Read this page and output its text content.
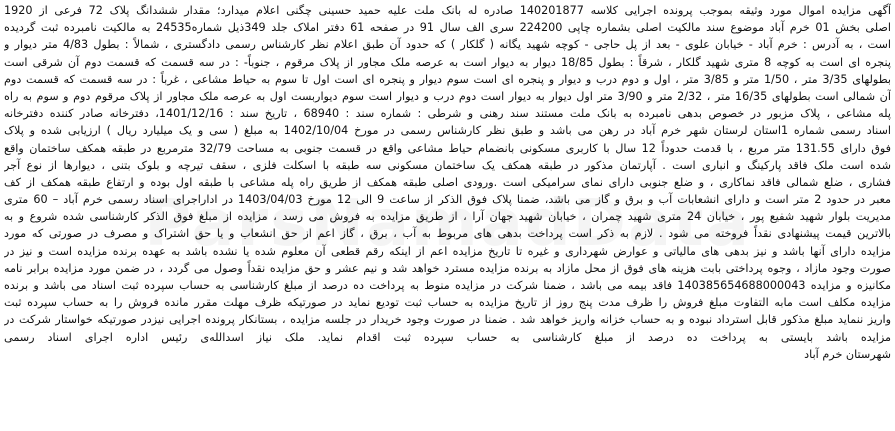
آگهی مزایده اموال مورد وثیقه بموجب پرونده اجرایی کلاسه 140201877 صادره له بانک ملت علیه حمید حسینی چگنی اعلام میدارد؛ مقدار ششدانگ پلاک 72 فرعی از 1920
اصلی بخش 01 خرم آباد موضوع سند مالکیت اصلی بشماره چاپی 224200 سری الف سال 91 در صفحه 61 دفتر املاک جلد 349ذیل شماره24535 به مالکیت نامبرده ثبت گردیده
است ، به آدرس : خرم آباد - خیابان علوی - بعد از پل حاجی - کوچه شهید یگانه ( گلکار ) که حدود آن طبق اعلام نظر کارشناس رسمی دادگستری ، شمالاً : بطول 4/83 متر دیوار و
پنجره ای است به کوچه 8 متری شهید گلکار ، شرقاً : بطول 18/85 دیوار به دیوار است به عرصه ملک مجاور از پلاک مرقوم ، جنوباً- : در سه قسمت که قسمت دوم آن شرقی است
بطولهای 3/35 متر ، 1/50 متر و 3/85 متر ، اول و دوم درب و دیوار و پنجره ای است سوم دیوار و پنجره ای است اول تا سوم به حیاط مشاعی ، غرباً : در سه قسمت که قسمت دوم
آن شمالی است بطولهای 16/35 متر ، 2/32 متر و 3/90 متر اول دیوار به دیوار است دوم درب و دیوار است سوم دیواربست اول به عرصه ملک مجاور از پلاک مرقوم دوم و سوم به راه
پله مشاعی ، پلاک مزبور در خصوص بدهی نامبرده به بانک ملت مستند سند رهنی و شرطی : شماره سند : 68940 ، تاریخ سند : 1401/12/16، دفترخانه صادر کننده دفترخانه
اسناد رسمی شماره 1استان لرستان شهر خرم آباد در رهن می باشد و طبق نظر کارشناس رسمی در مورخ 1402/10/04 به مبلغ ( سی و یک میلیارد ریال ) ارزیابی شده و پلاک
فوق دارای 131.55 متر مربع ، با قدمت حدوداً 12 سال با کاربری مسکونی بانضمام حیاط مشاعی واقع در قسمت جنوبی به مساحت 32/79 مترمربع در طبقه همکف ساختمان واقع
شده است ملک فاقد پارکینگ و انباری است . آپارتمان مذکور در طبقه همکف یک ساختمان مسکونی سه طبقه با اسکلت فلزی ، سقف تیرچه و بلوک بتنی ، دیوارها از نوع آجر
فشاری ، ضلع شمالی فاقد نماکاری ، و ضلع جنوبی دارای نمای سرامیکی است .ورودی اصلی طبقه همکف از طریق راه پله مشاعی با طبقه اول بوده و ارتفاع طبقه همکف از کف
معبر در حدود 2 متر است و دارای انشعابات آب و برق و گاز می باشد، ضمنا پلاک فوق الذکر از ساعت 9 الی 12 مورخ 1403/04/03 در اداراجرای اسناد رسمی خرم آباد – 60 متری
مدیریت بلوار شهید شفیع پور ، خیابان 24 متری شهید چمران ، خیابان شهید جهان آرا ، از طریق مزایده به فروش می رسد ، مزایده از مبلغ فوق الذکر کارشناسی شده شروع و به
بالاترین قیمت پیشنهادی نقداً فروخته می شود . لازم به ذکر است پرداخت بدهی های مربوط به آب ، برق ، گاز اعم از حق انشعاب و یا حق اشتراک و مصرف در صورتی که مورد
مزایده دارای آنها باشد و نیز بدهی های مالیاتی و عوارض شهرداری و غیره تا تاریخ مزایده اعم از اینکه رقم قطعی آن معلوم شده یا نشده باشد به عهده برنده مزایده است و نیز در
صورت وجود مازاد ، وجوه پرداختی بابت هزینه های فوق از محل مازاد به برنده مزایده مسترد خواهد شد و نیم عشر و حق مزایده نقداً وصول می گردد ، در ضمن مورد مزایده برابر نامه
مکانیزه و مزایده 140385654688000043 فاقد بیمه می باشد ، ضمنا شرکت در مزایده منوط به پرداخت ده درصد از مبلغ کارشناسی به حساب سپرده ثبت اسناد می باشد و برنده
مزایده مکلف است مابه التفاوت مبلغ فروش را ظرف مدت پنج روز از تاریخ مزایده به حساب ثبت تودیع نماید در صورتیکه ظرف مهلت مقرر مانده فروش را به حساب سپرده ثبت
واریز ننماید مبلغ مذکور قابل استرداد نبوده و به حساب خزانه واریز خواهد شد . ضمنا در صورت وجود خریدار در جلسه مزایده ، بستانکار پرونده اجرایی نیزدر صورتیکه خواستار شرکت در
مزایده باشد بایستی به پرداخت ده درصد از مبلغ کارشناسی به حساب سپرده ثبت اقدام نماید. ملک نیاز اسدالله‌ی رئیس اداره اجرای اسناد رسمی
شهرستان خرم آباد
